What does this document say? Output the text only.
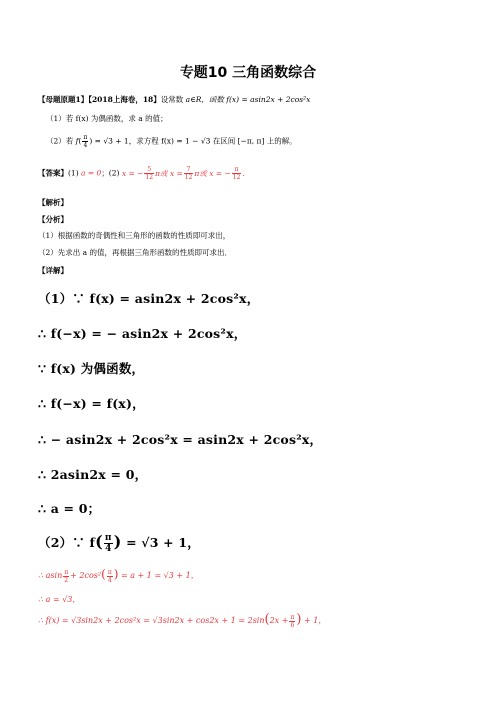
专题10 三角函数综合
【母题原题1】【2018上海卷，18】设常数 a∈R，函数 f(x) = asin2x + 2cos²x
（1）若 f(x) 为偶函数，求 a 的值；
（2）若 $f( \frac{\pi}{4}$ ) = √3 + 1，求方程 f(x) = 1 − √3 在区间 [−π, π] 上的解。
【答案】(1) a = 0；(2) x = − $\frac{5}{12}$ π或 $x = \frac{7}{12}$ π或 x = − $\frac{\pi}{12}$ .
【解析】
【分析】
（1）根据函数的奇偶性和三角形的函数的性质即可求出，
（2）先求出 a 的值，再根据三角形函数的性质即可求出．
【详解】
（1）∵ f(x) = asin2x + 2cos²x，
∴ f(−x) = − asin2x + 2cos²x，
∵ f(x) 为偶函数，
∴ f(−x) = f(x)，
∴ − asin2x + 2cos²x = asin2x + 2cos²x，
∴ 2asin2x = 0，
∴ a = 0；
（2）∵ $f( \frac{\pi}{4}$ ) = √3 + 1，
∴ asin $\frac{\pi}{2} + 2\cos^2( \frac{\pi}{4}$ ) = a + 1 = √3 + 1，
∴ a = √3，
∴ $f(x) = √3\sin 2x + 2\cos^2x = √3\sin 2x + \cos 2x + 1 = 2\sin(2x + \frac{\pi}{6}$ ) + 1，
